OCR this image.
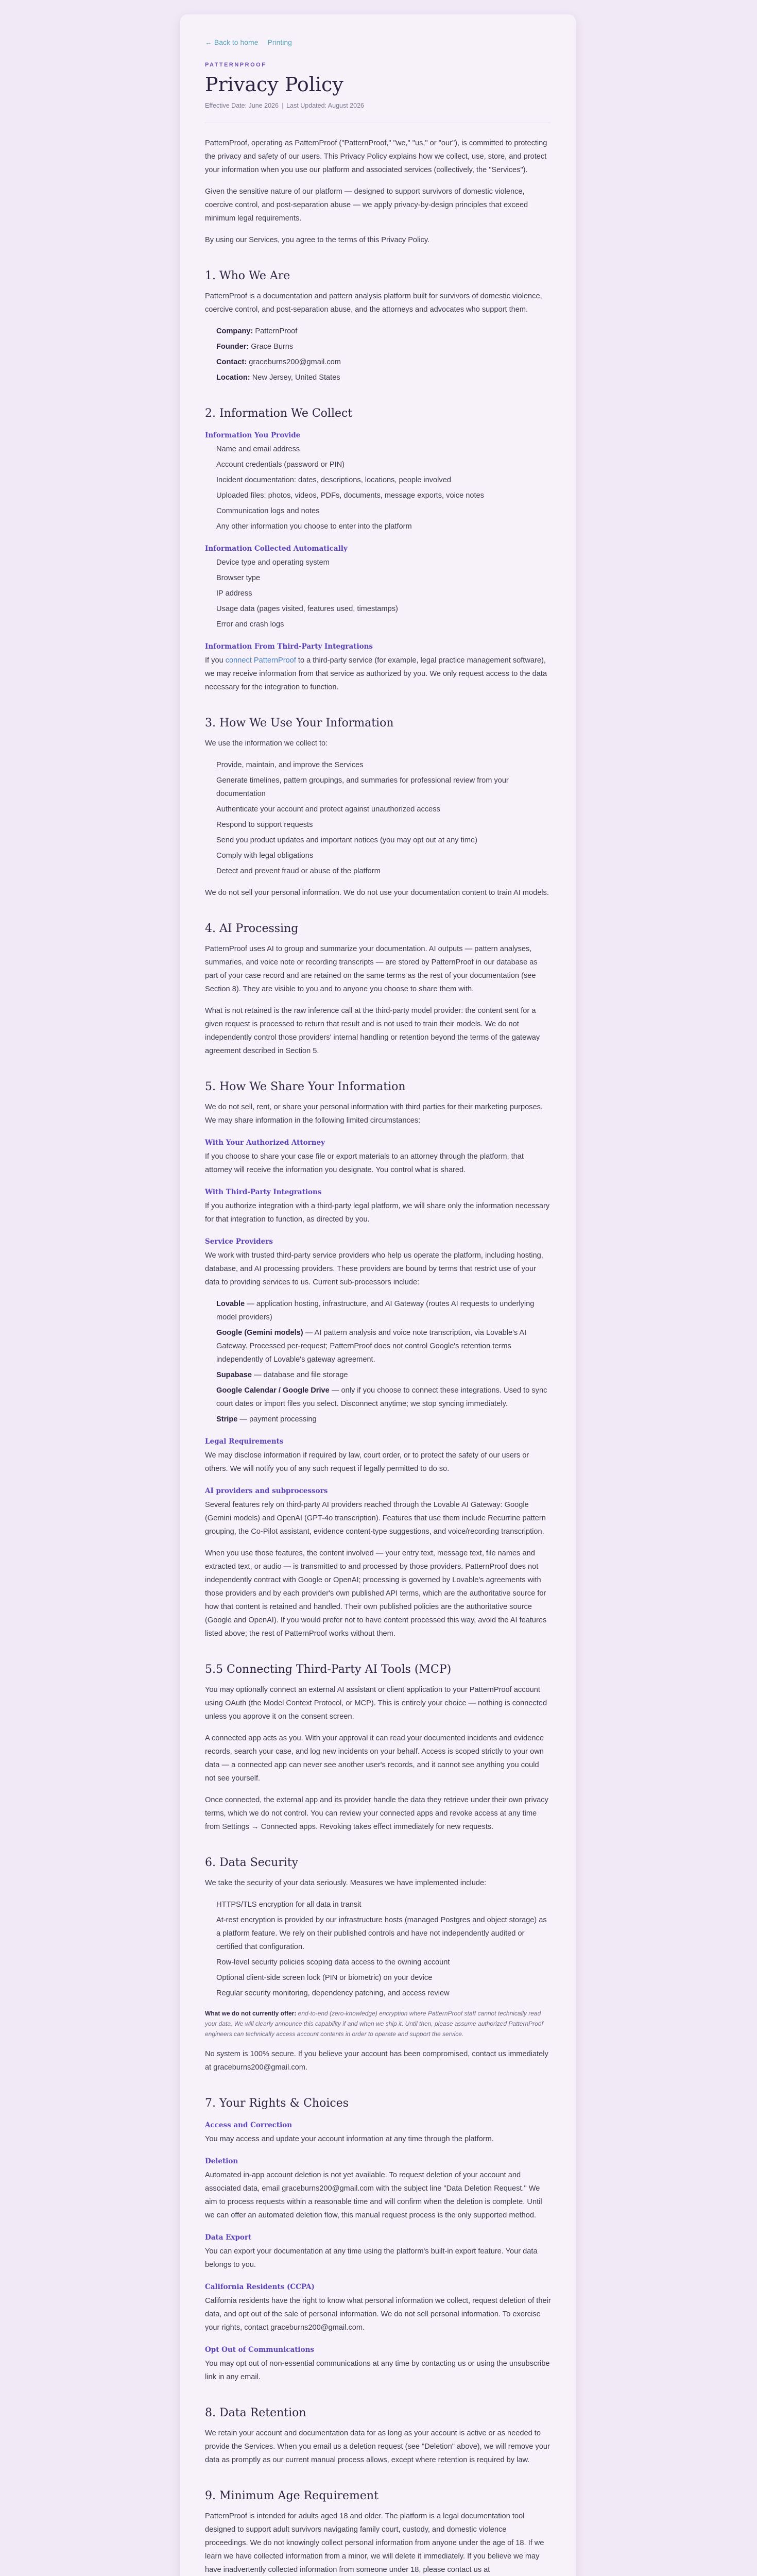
← Back to home Printing
PATTERNPROOF
Privacy Policy
Effective Date: June 2026 | Last Updated: August 2026

PatternProof, operating as PatternProof ("PatternProof," "we," "us," or "our"), is committed to protecting the privacy and safety of our users. This Privacy Policy explains how we collect, use, store, and protect your information when you use our platform and associated services (collectively, the "Services").

Given the sensitive nature of our platform — designed to support survivors of domestic violence, coercive control, and post-separation abuse — we apply privacy-by-design principles that exceed minimum legal requirements.

By using our Services, you agree to the terms of this Privacy Policy.

1. Who We Are

PatternProof is a documentation and pattern analysis platform built for survivors of domestic violence, coercive control, and post-separation abuse, and the attorneys and advocates who support them.

Company: PatternProof
Founder: Grace Burns
Contact: graceburns200@gmail.com
Location: New Jersey, United States
2. Information We Collect
Information You Provide
Name and email address
Account credentials (password or PIN)
Incident documentation: dates, descriptions, locations, people involved
Uploaded files: photos, videos, PDFs, documents, message exports, voice notes
Communication logs and notes
Any other information you choose to enter into the platform
Information Collected Automatically
Device type and operating system
Browser type
IP address
Usage data (pages visited, features used, timestamps)
Error and crash logs
Information From Third-Party Integrations

If you connect PatternProof to a third-party service (for example, legal practice management software), we may receive information from that service as authorized by you. We only request access to the data necessary for the integration to function.

3. How We Use Your Information

We use the information we collect to:

Provide, maintain, and improve the Services
Generate timelines, pattern groupings, and summaries for professional review from your documentation
Authenticate your account and protect against unauthorized access
Respond to support requests
Send you product updates and important notices (you may opt out at any time)
Comply with legal obligations
Detect and prevent fraud or abuse of the platform

We do not sell your personal information. We do not use your documentation content to train AI models.

4. AI Processing

PatternProof uses AI to group and summarize your documentation. AI outputs — pattern analyses, summaries, and voice note or recording transcripts — are stored by PatternProof in our database as part of your case record and are retained on the same terms as the rest of your documentation (see Section 8). They are visible to you and to anyone you choose to share them with.

What is not retained is the raw inference call at the third-party model provider: the content sent for a given request is processed to return that result and is not used to train their models. We do not independently control those providers' internal handling or retention beyond the terms of the gateway agreement described in Section 5.

5. How We Share Your Information

We do not sell, rent, or share your personal information with third parties for their marketing purposes. We may share information in the following limited circumstances:

With Your Authorized Attorney

If you choose to share your case file or export materials to an attorney through the platform, that attorney will receive the information you designate. You control what is shared.

With Third-Party Integrations

If you authorize integration with a third-party legal platform, we will share only the information necessary for that integration to function, as directed by you.

Service Providers

We work with trusted third-party service providers who help us operate the platform, including hosting, database, and AI processing providers. These providers are bound by terms that restrict use of your data to providing services to us. Current sub-processors include:

Lovable — application hosting, infrastructure, and AI Gateway (routes AI requests to underlying model providers)
Google (Gemini models) — AI pattern analysis and voice note transcription, via Lovable's AI Gateway. Processed per-request; PatternProof does not control Google's retention terms independently of Lovable's gateway agreement.
Supabase — database and file storage
Google Calendar / Google Drive — only if you choose to connect these integrations. Used to sync court dates or import files you select. Disconnect anytime; we stop syncing immediately.
Stripe — payment processing
Legal Requirements

We may disclose information if required by law, court order, or to protect the safety of our users or others. We will notify you of any such request if legally permitted to do so.

AI providers and subprocessors

Several features rely on third-party AI providers reached through the Lovable AI Gateway: Google (Gemini models) and OpenAI (GPT-4o transcription). Features that use them include Recurrine pattern grouping, the Co-Pilot assistant, evidence content-type suggestions, and voice/recording transcription.

When you use those features, the content involved — your entry text, message text, file names and extracted text, or audio — is transmitted to and processed by those providers. PatternProof does not independently contract with Google or OpenAI; processing is governed by Lovable's agreements with those providers and by each provider's own published API terms, which are the authoritative source for how that content is retained and handled. Their own published policies are the authoritative source (Google and OpenAI). If you would prefer not to have content processed this way, avoid the AI features listed above; the rest of PatternProof works without them.

5.5 Connecting Third-Party AI Tools (MCP)

You may optionally connect an external AI assistant or client application to your PatternProof account using OAuth (the Model Context Protocol, or MCP). This is entirely your choice — nothing is connected unless you approve it on the consent screen.

A connected app acts as you. With your approval it can read your documented incidents and evidence records, search your case, and log new incidents on your behalf. Access is scoped strictly to your own data — a connected app can never see another user's records, and it cannot see anything you could not see yourself.

Once connected, the external app and its provider handle the data they retrieve under their own privacy terms, which we do not control. You can review your connected apps and revoke access at any time from Settings → Connected apps. Revoking takes effect immediately for new requests.

6. Data Security

We take the security of your data seriously. Measures we have implemented include:

HTTPS/TLS encryption for all data in transit
At-rest encryption is provided by our infrastructure hosts (managed Postgres and object storage) as a platform feature. We rely on their published controls and have not independently audited or certified that configuration.
Row-level security policies scoping data access to the owning account
Optional client-side screen lock (PIN or biometric) on your device
Regular security monitoring, dependency patching, and access review

What we do not currently offer: end-to-end (zero-knowledge) encryption where PatternProof staff cannot technically read your data. We will clearly announce this capability if and when we ship it. Until then, please assume authorized PatternProof engineers can technically access account contents in order to operate and support the service.

No system is 100% secure. If you believe your account has been compromised, contact us immediately at graceburns200@gmail.com.

7. Your Rights & Choices
Access and Correction

You may access and update your account information at any time through the platform.

Deletion

Automated in-app account deletion is not yet available. To request deletion of your account and associated data, email graceburns200@gmail.com with the subject line "Data Deletion Request." We aim to process requests within a reasonable time and will confirm when the deletion is complete. Until we can offer an automated deletion flow, this manual request process is the only supported method.

Data Export

You can export your documentation at any time using the platform's built-in export feature. Your data belongs to you.

California Residents (CCPA)

California residents have the right to know what personal information we collect, request deletion of their data, and opt out of the sale of personal information. We do not sell personal information. To exercise your rights, contact graceburns200@gmail.com.

Opt Out of Communications

You may opt out of non-essential communications at any time by contacting us or using the unsubscribe link in any email.

8. Data Retention

We retain your account and documentation data for as long as your account is active or as needed to provide the Services. When you email us a deletion request (see "Deletion" above), we will remove your data as promptly as our current manual process allows, except where retention is required by law.

9. Minimum Age Requirement

PatternProof is intended for adults aged 18 and older. The platform is a legal documentation tool designed to support adult survivors navigating family court, custody, and domestic violence proceedings. We do not knowingly collect personal information from anyone under the age of 18. If we learn we have collected information from a minor, we will delete it immediately. If you believe we may have inadvertently collected information from someone under 18, please contact us at
